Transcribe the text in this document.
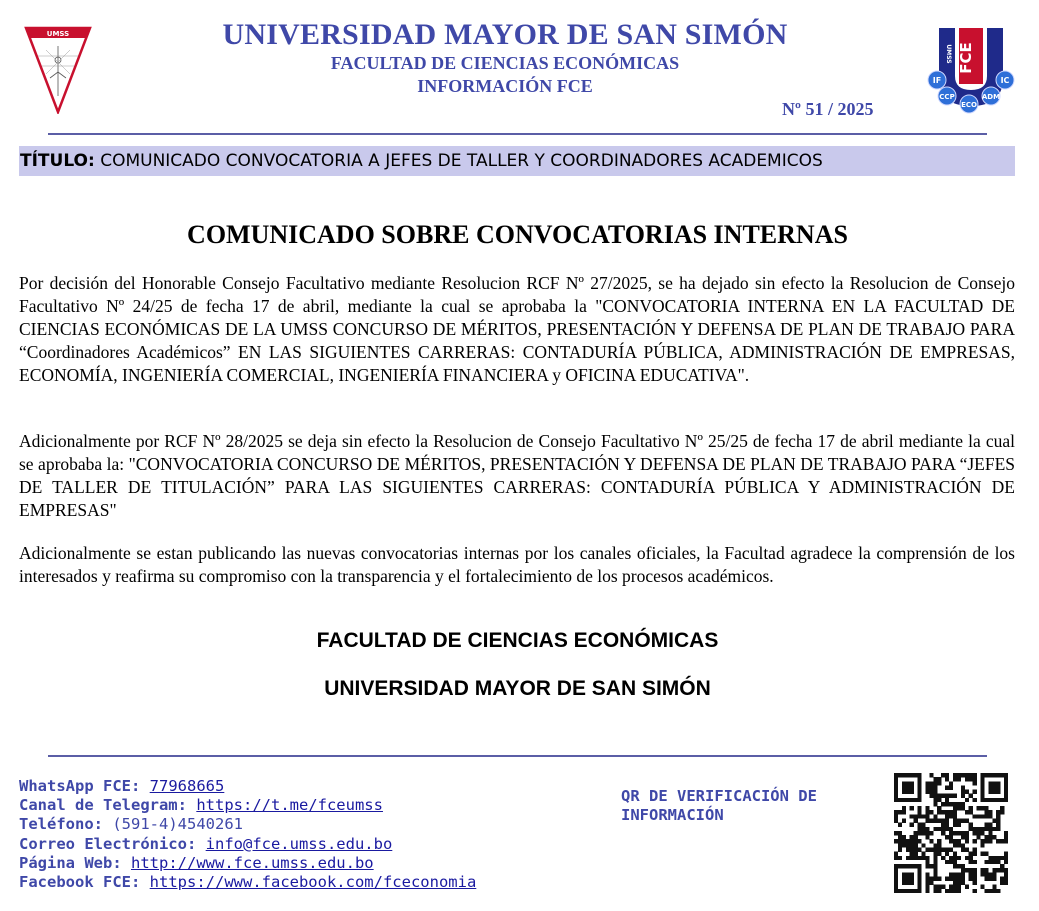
UMSS	UNIVERSIDAD MAYOR DE SAN SIMÓN
FACULTAD DE CIENCIAS ECONÓMICAS
INFORMACIÓN FCE
Nº 51 / 2025
FCE
UMSS
IF
CCP
ECO
ADM
IC
TÍTULO: COMUNICADO CONVOCATORIA A JEFES DE TALLER Y COORDINADORES ACADEMICOS
COMUNICADO SOBRE CONVOCATORIAS INTERNAS
Por decisión del Honorable Consejo Facultativo mediante Resolucion RCF Nº 27/2025, se ha dejado sin efecto la Resolucion de Consejo Facultativo Nº 24/25 de fecha 17 de abril, mediante la cual se aprobaba la "CONVOCATORIA INTERNA EN LA FACULTAD DE CIENCIAS ECONÓMICAS DE LA UMSS CONCURSO DE MÉRITOS, PRESENTACIÓN Y DEFENSA DE PLAN DE TRABAJO PARA “Coordinadores Académicos” EN LAS SIGUIENTES CARRERAS: CONTADURÍA PÚBLICA, ADMINISTRACIÓN DE EMPRESAS, ECONOMÍA, INGENIERÍA COMERCIAL, INGENIERÍA FINANCIERA y OFICINA EDUCATIVA".
Adicionalmente por RCF Nº 28/2025 se deja sin efecto la Resolucion de Consejo Facultativo Nº 25/25 de fecha 17 de abril mediante la cual se aprobaba la: "CONVOCATORIA CONCURSO DE MÉRITOS, PRESENTACIÓN Y DEFENSA DE PLAN DE TRABAJO PARA “JEFES DE TALLER DE TITULACIÓN” PARA LAS SIGUIENTES CARRERAS: CONTADURÍA PÚBLICA Y ADMINISTRACIÓN DE EMPRESAS"
Adicionalmente se estan publicando las nuevas convocatorias internas por los canales oficiales, la Facultad agradece la comprensión de los interesados y reafirma su compromiso con la transparencia y el fortalecimiento de los procesos académicos.
FACULTAD DE CIENCIAS ECONÓMICAS
UNIVERSIDAD MAYOR DE SAN SIMÓN
WhatsApp FCE: 77968665
Canal de Telegram: https://t.me/fceumss
Teléfono: (591-4)4540261
Correo Electrónico: info@fce.umss.edu.bo
Página Web: http://www.fce.umss.edu.bo
Facebook FCE: https://www.facebook.com/fceconomia
QR DE VERIFICACIÓN DE INFORMACIÓN
